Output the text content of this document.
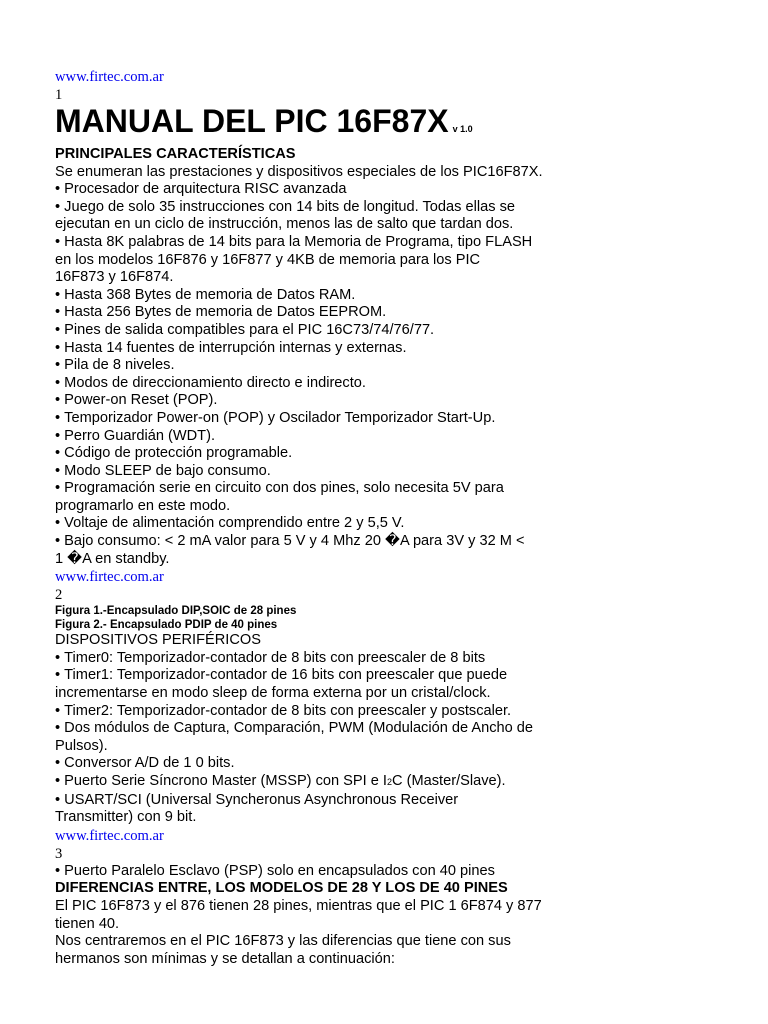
www.firtec.com.ar
1
MANUAL DEL PIC 16F87X v 1.0
PRINCIPALES CARACTERÍSTICAS
Se enumeran las prestaciones y dispositivos especiales de los PIC16F87X.
• Procesador de arquitectura RISC avanzada
• Juego de solo 35 instrucciones con 14 bits de longitud. Todas ellas se
ejecutan en un ciclo de instrucción, menos las de salto que tardan dos.
• Hasta 8K palabras de 14 bits para la Memoria de Programa, tipo FLASH
en los modelos 16F876 y 16F877 y 4KB de memoria para los PIC
16F873 y 16F874.
• Hasta 368 Bytes de memoria de Datos RAM.
• Hasta 256 Bytes de memoria de Datos EEPROM.
• Pines de salida compatibles para el PIC 16C73/74/76/77.
• Hasta 14 fuentes de interrupción internas y externas.
• Pila de 8 niveles.
• Modos de direccionamiento directo e indirecto.
• Power-on Reset (POP).
• Temporizador Power-on (POP) y Oscilador Temporizador Start-Up.
• Perro Guardián (WDT).
• Código de protección programable.
• Modo SLEEP de bajo consumo.
• Programación serie en circuito con dos pines, solo necesita 5V para
programarlo en este modo.
• Voltaje de alimentación comprendido entre 2 y 5,5 V.
• Bajo consumo: < 2 mA valor para 5 V y 4 Mhz 20 �A para 3V y 32 M <
1 �A en standby.
www.firtec.com.ar
2
Figura 1.-Encapsulado DIP,SOIC de 28 pines
Figura 2.- Encapsulado PDIP de 40 pines
DISPOSITIVOS PERIFÉRICOS
• Timer0: Temporizador-contador de 8 bits con preescaler de 8 bits
• Timer1: Temporizador-contador de 16 bits con preescaler que puede
incrementarse en modo sleep de forma externa por un cristal/clock.
• Timer2: Temporizador-contador de 8 bits con preescaler y postscaler.
• Dos módulos de Captura, Comparación, PWM (Modulación de Ancho de
Pulsos).
• Conversor A/D de 1 0 bits.
• Puerto Serie Síncrono Master (MSSP) con SPI e I2C (Master/Slave).
• USART/SCI (Universal Syncheronus Asynchronous Receiver
Transmitter) con 9 bit.
www.firtec.com.ar
3
• Puerto Paralelo Esclavo (PSP) solo en encapsulados con 40 pines
DIFERENCIAS ENTRE, LOS MODELOS DE 28 Y LOS DE 40 PINES
El PIC 16F873 y el 876 tienen 28 pines, mientras que el PIC 1 6F874 y 877
tienen 40.
Nos centraremos en el PIC 16F873 y las diferencias que tiene con sus
hermanos son mínimas y se detallan a continuación:
